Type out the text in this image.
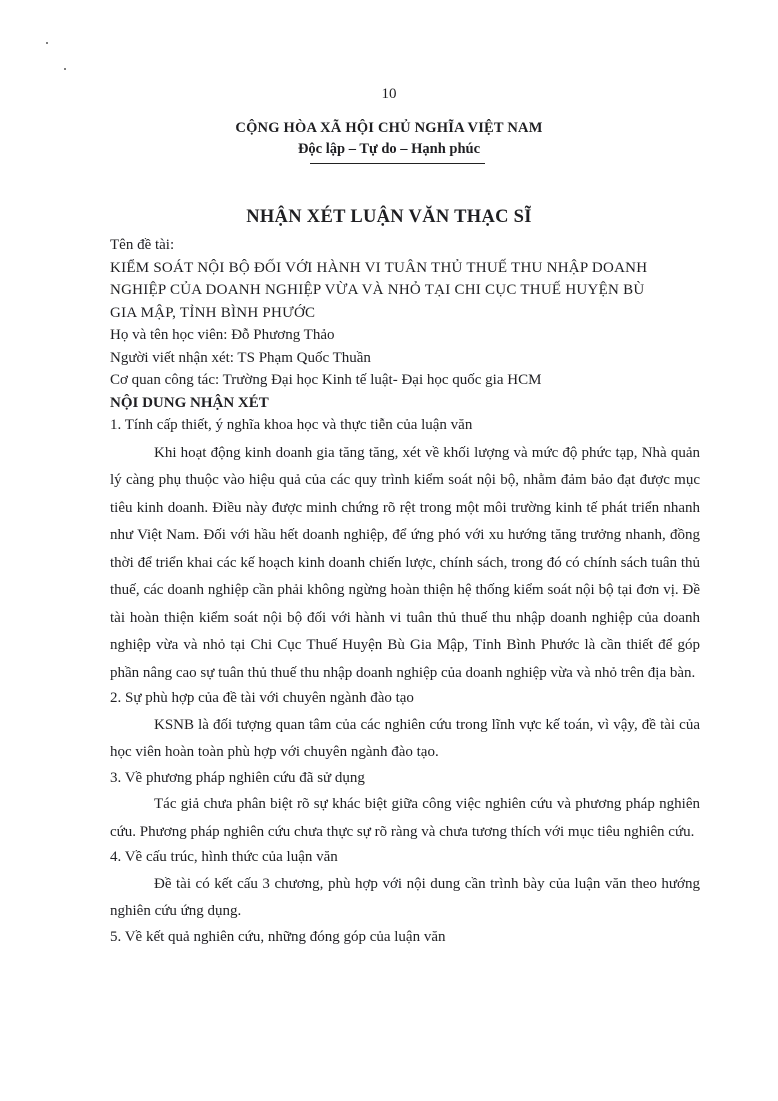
10
CỘNG HÒA XÃ HỘI CHỦ NGHĨA VIỆT NAM
Độc lập – Tự do – Hạnh phúc
NHẬN XÉT LUẬN VĂN THẠC SĨ
Tên đề tài:
KIỂM SOÁT NỘI BỘ ĐỐI VỚI HÀNH VI TUÂN THỦ THUẾ THU NHẬP DOANH
NGHIỆP CỦA DOANH NGHIỆP VỪA VÀ NHỎ TẠI CHI CỤC THUẾ HUYỆN BÙ
GIA MẬP, TỈNH BÌNH PHƯỚC
Họ và tên học viên: Đỗ Phương Thảo
Người viết nhận xét: TS Phạm Quốc Thuần
Cơ quan công tác: Trường Đại học Kinh tế luật- Đại học quốc gia HCM
NỘI DUNG NHẬN XÉT
1. Tính cấp thiết, ý nghĩa khoa học và thực tiễn của luận văn
Khi hoạt động kinh doanh gia tăng tăng, xét về khối lượng và mức độ phức tạp, Nhà quản lý càng phụ thuộc vào hiệu quả của các quy trình kiểm soát nội bộ, nhằm đảm bảo đạt được mục tiêu kinh doanh. Điều này được minh chứng rõ rệt trong một môi trường kinh tế phát triển nhanh như Việt Nam. Đối với hầu hết doanh nghiệp, để ứng phó với xu hướng tăng trưởng nhanh, đồng thời để triển khai các kế hoạch kinh doanh chiến lược, chính sách, trong đó có chính sách tuân thủ thuế, các doanh nghiệp cần phải không ngừng hoàn thiện hệ thống kiểm soát nội bộ tại đơn vị. Đề tài hoàn thiện kiểm soát nội bộ đối với hành vi tuân thủ thuế thu nhập doanh nghiệp của doanh nghiệp vừa và nhỏ tại Chi Cục Thuế Huyện Bù Gia Mập, Tỉnh Bình Phước là cần thiết để góp phần nâng cao sự tuân thủ thuế thu nhập doanh nghiệp của doanh nghiệp vừa và nhỏ trên địa bàn.
2. Sự phù hợp của đề tài với chuyên ngành đào tạo
KSNB là đối tượng quan tâm của các nghiên cứu trong lĩnh vực kế toán, vì vậy, đề tài của học viên hoàn toàn phù hợp với chuyên ngành đào tạo.
3. Về phương pháp nghiên cứu đã sử dụng
Tác giả chưa phân biệt rõ sự khác biệt giữa công việc nghiên cứu và phương pháp nghiên cứu. Phương pháp nghiên cứu chưa thực sự rõ ràng và chưa tương thích với mục tiêu nghiên cứu.
4. Về cấu trúc, hình thức của luận văn
Đề tài có kết cấu 3 chương, phù hợp với nội dung cần trình bày của luận văn theo hướng nghiên cứu ứng dụng.
5. Về kết quả nghiên cứu, những đóng góp của luận văn
